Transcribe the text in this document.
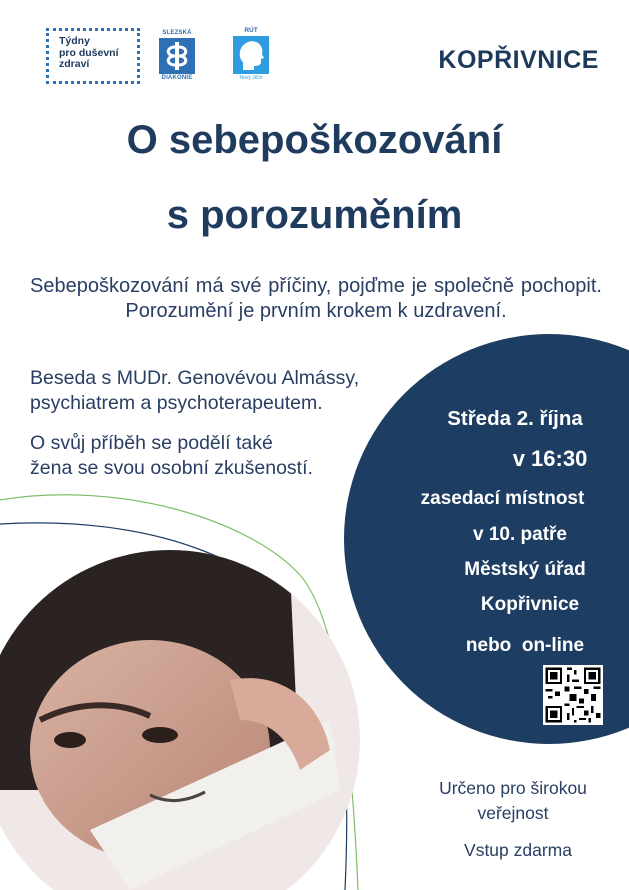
Týdny
pro duševní
zdraví
SLEZSKÁ
DIAKONIE
RÚT
Nový Jičín
KOPŘIVNICE
O sebepoškozování
s porozuměním

Sebepoškozování má své příčiny, pojďme je společně pochopit. Porozumění je prvním krokem k uzdravení.

Beseda s MUDr. Genovévou Almássy,
psychiatrem a psychoterapeutem.

O svůj příběh se podělí také
žena se svou osobní zkušeností.

Středa 2. října

v 16:30

zasedací místnost

v 10. patře

Městský úřad

Kopřivnice

nebo  on-line

Určeno pro širokou
veřejnost

Vstup zdarma
